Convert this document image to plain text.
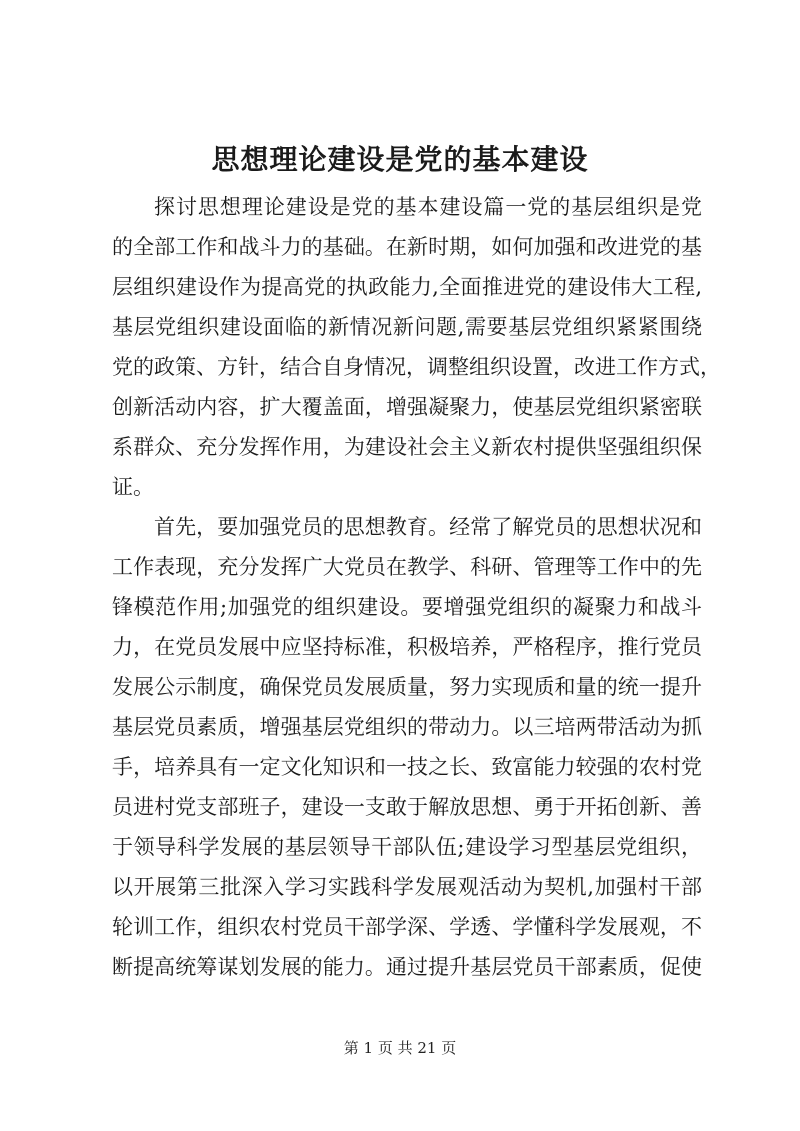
思想理论建设是党的基本建设
探讨思想理论建设是党的基本建设篇一党的基层组织是党
的全部工作和战斗力的基础。在新时期，如何加强和改进党的基
层组织建设作为提高党的执政能力,全面推进党的建设伟大工程,
基层党组织建设面临的新情况新问题,需要基层党组织紧紧围绕
党的政策、方针，结合自身情况，调整组织设置，改进工作方式，
创新活动内容，扩大覆盖面，增强凝聚力，使基层党组织紧密联
系群众、充分发挥作用，为建设社会主义新农村提供坚强组织保
证。
首先，要加强党员的思想教育。经常了解党员的思想状况和
工作表现，充分发挥广大党员在教学、科研、管理等工作中的先
锋模范作用;加强党的组织建设。要增强党组织的凝聚力和战斗
力，在党员发展中应坚持标准，积极培养，严格程序，推行党员
发展公示制度，确保党员发展质量，努力实现质和量的统一提升
基层党员素质，增强基层党组织的带动力。以三培两带活动为抓
手，培养具有一定文化知识和一技之长、致富能力较强的农村党
员进村党支部班子，建设一支敢于解放思想、勇于开拓创新、善
于领导科学发展的基层领导干部队伍;建设学习型基层党组织，
以开展第三批深入学习实践科学发展观活动为契机,加强村干部
轮训工作，组织农村党员干部学深、学透、学懂科学发展观，不
断提高统筹谋划发展的能力。通过提升基层党员干部素质，促使
第 1 页 共 21 页
